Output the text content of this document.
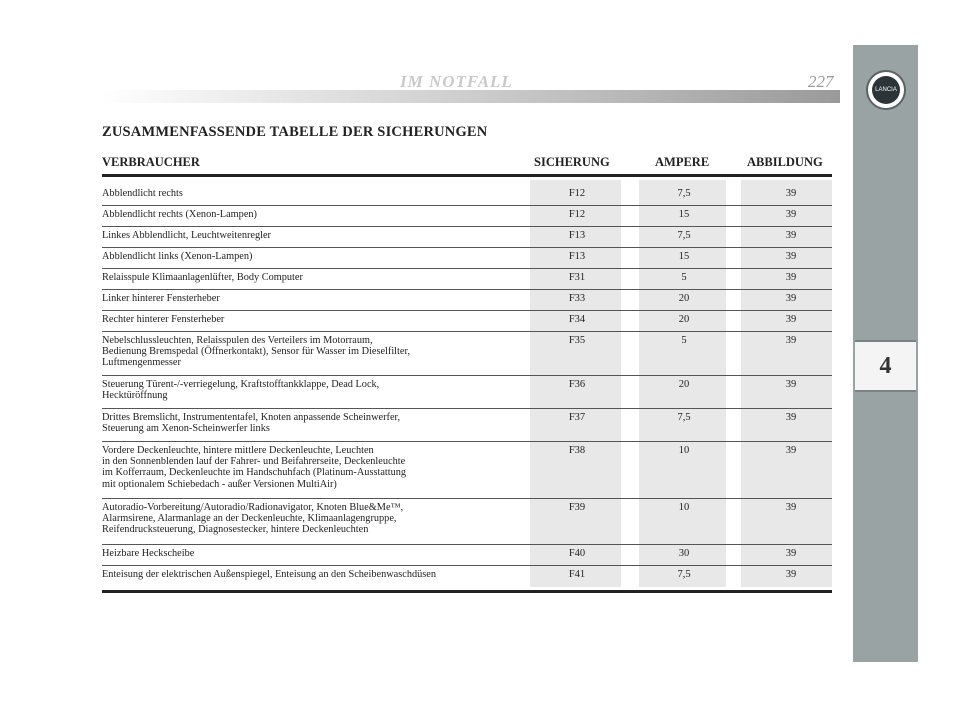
IM NOTFALL	227	LANCIA
4
ZUSAMMENFASSENDE TABELLE DER SICHERUNGEN
VERBRAUCHER	SICHERUNG	AMPERE	ABBILDUNG
Abblendlicht rechts	F12	7,5	39
Abblendlicht rechts (Xenon-Lampen)	F12	15	39
Linkes Abblendlicht, Leuchtweitenregler	F13	7,5	39
Abblendlicht links (Xenon-Lampen)	F13	15	39
Relaisspule Klimaanlagenlüfter, Body Computer	F31	5	39
Linker hinterer Fensterheber	F33	20	39
Rechter hinterer Fensterheber	F34	20	39
Nebelschlussleuchten, Relaisspulen des Verteilers im Motorraum,
Bedienung Bremspedal (Öffnerkontakt), Sensor für Wasser im Dieselfilter,
Luftmengenmesser
F35	5	39
Steuerung Türent-/-verriegelung, Kraftstofftankklappe, Dead Lock,
Hecktüröffnung
F36	20	39
Drittes Bremslicht, Instrumententafel, Knoten anpassende Scheinwerfer,
Steuerung am Xenon-Scheinwerfer links
F37	7,5	39
Vordere Deckenleuchte, hintere mittlere Deckenleuchte, Leuchten
in den Sonnenblenden lauf der Fahrer- und Beifahrerseite, Deckenleuchte
im Kofferraum, Deckenleuchte im Handschuhfach (Platinum-Ausstattung
mit optionalem Schiebedach - außer Versionen MultiAir)
F38	10	39
Autoradio-Vorbereitung/Autoradio/Radionavigator, Knoten Blue&Me™,
Alarmsirene, Alarmanlage an der Deckenleuchte, Klimaanlagengruppe,
Reifendrucksteuerung, Diagnosestecker, hintere Deckenleuchten
F39	10	39
Heizbare Heckscheibe	F40	30	39
Enteisung der elektrischen Außenspiegel, Enteisung an den Scheibenwaschdüsen	F41	7,5	39
